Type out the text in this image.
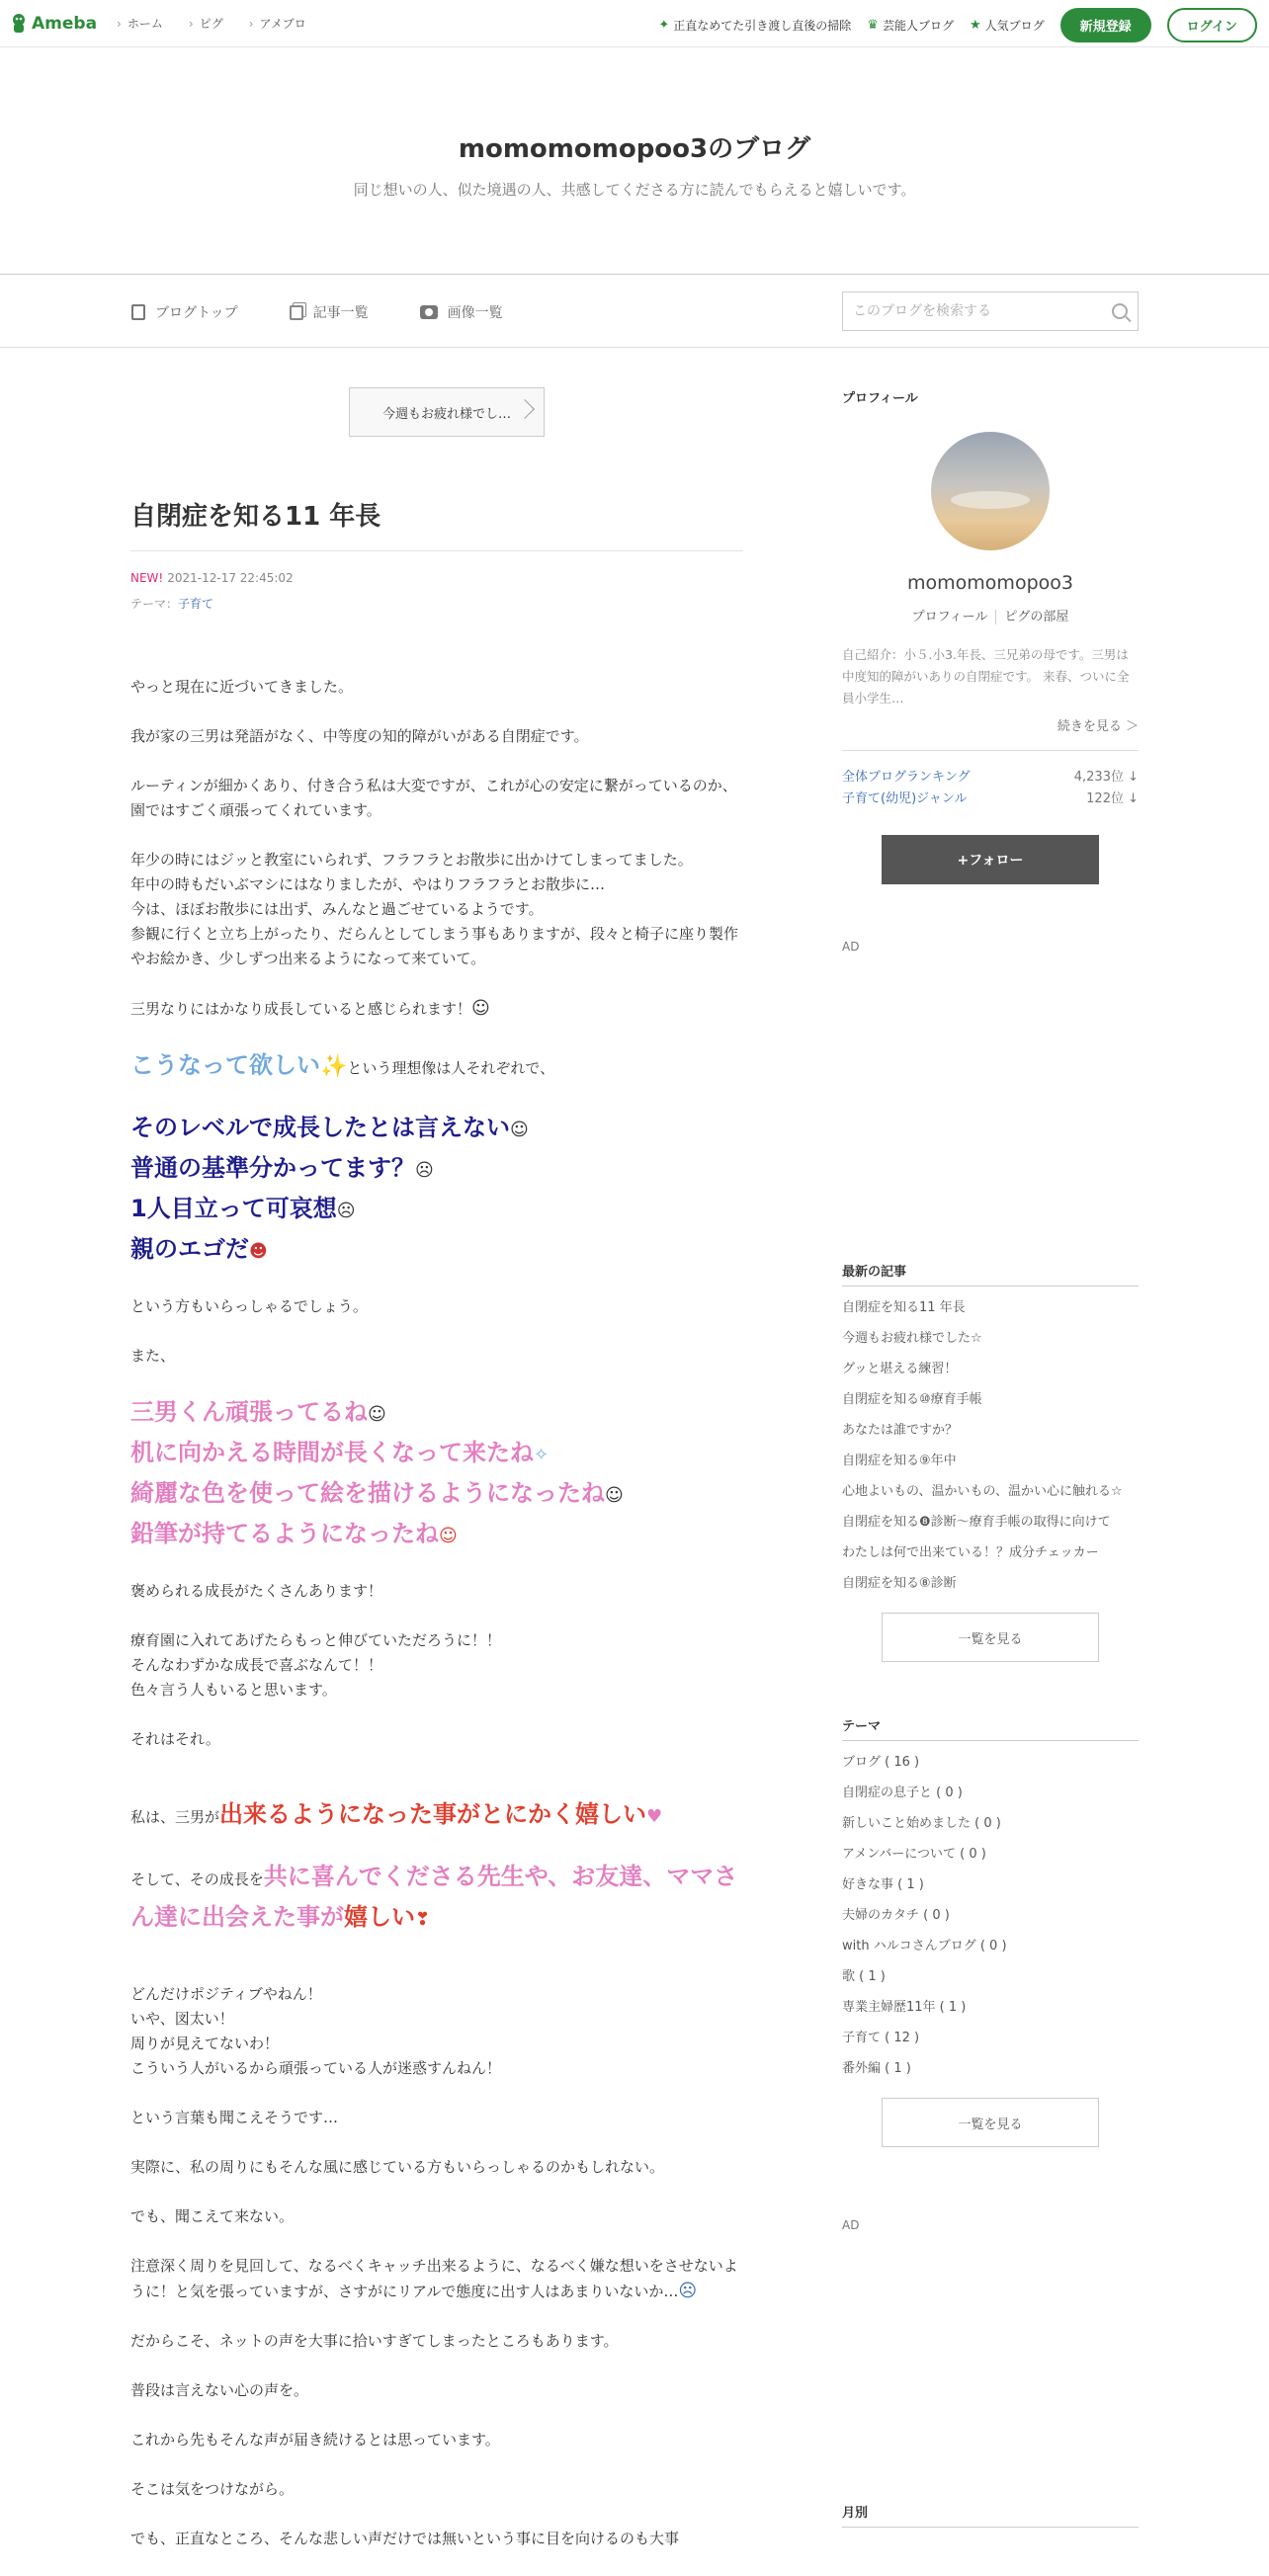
Ameba	› ホーム	› ピグ	› アメブロ	✦ 正直なめてた引き渡し直後の掃除 ♛ 芸能人ブログ ★ 人気ブログ	新規登録	ログイン
momomomopoo3のブログ
同じ想いの人、似た境遇の人、共感してくださる方に読んでもらえると嬉しいです。
ブログトップ	記事一覧	画像一覧
このブログを検索する
今週もお疲れ様でし…
自閉症を知る11 年長
NEW! 2021-12-17 22:45:02
テーマ：子育て

やっと現在に近づいてきました。

我が家の三男は発語がなく、中等度の知的障がいがある自閉症です。

ルーティンが細かくあり、付き合う私は大変ですが、これが心の安定に繋がっているのか、園ではすごく頑張ってくれています。

年少の時にはジッと教室にいられず、フラフラとお散歩に出かけてしまってました。
年中の時もだいぶマシにはなりましたが、やはりフラフラとお散歩に…
今は、ほぼお散歩には出ず、みんなと過ごせているようです。
参観に行くと立ち上がったり、だらんとしてしまう事もありますが、段々と椅子に座り製作やお絵かき、少しずつ出来るようになって来ていて。

三男なりにはかなり成長していると感じられます！☺

こうなって欲しい✨という理想像は人それぞれで、

そのレベルで成長したとは言えない☺
普通の基準分かってます？☹
1人目立って可哀想☹
親のエゴだ☻

という方もいらっしゃるでしょう。

また、

三男くん頑張ってるね☺
机に向かえる時間が長くなって来たね✧
綺麗な色を使って絵を描けるようになったね☺
鉛筆が持てるようになったね☺

褒められる成長がたくさんあります！

療育園に入れてあげたらもっと伸びていただろうに！！
そんなわずかな成長で喜ぶなんて！！
色々言う人もいると思います。

それはそれ。

私は、三男が出来るようになった事がとにかく嬉しい♥

そして、その成長を共に喜んでくださる先生や、お友達、ママさん達に出会えた事が嬉しい❣

どんだけポジティブやねん！
いや、図太い！
周りが見えてないわ！
こういう人がいるから頑張っている人が迷惑すんねん！

という言葉も聞こえそうです…

実際に、私の周りにもそんな風に感じている方もいらっしゃるのかもしれない。

でも、聞こえて来ない。

注意深く周りを見回して、なるべくキャッチ出来るように、なるべく嫌な想いをさせないように！と気を張っていますが、さすがにリアルで態度に出す人はあまりいないか…☹

だからこそ、ネットの声を大事に拾いすぎてしまったところもあります。

普段は言えない心の声を。

これから先もそんな声が届き続けるとは思っています。

そこは気をつけながら。

でも、正直なところ、そんな悲しい声だけでは無いという事に目を向けるのも大事

プロフィール
momomomopoo3
プロフィール ピグの部屋
自己紹介：小５.小3.年長、三兄弟の母です。三男は中度知的障がいありの自閉症です。 来春、ついに全員小学生…
続きを見る ＞
全体ブログランキング	4,233位 ↓
子育て(幼児)ジャンル	122位 ↓
+フォロー
AD
最新の記事
自閉症を知る11 年長
今週もお疲れ様でした☆
グッと堪える練習！
自閉症を知る⑩療育手帳
あなたは誰ですか？
自閉症を知る⑨年中
心地よいもの、温かいもの、温かい心に触れる☆
自閉症を知る❽診断〜療育手帳の取得に向けて
わたしは何で出来ている！？成分チェッカー
自閉症を知る⑧診断
一覧を見る
テーマ
ブログ ( 16 )
自閉症の息子と ( 0 )
新しいこと始めました ( 0 )
アメンバーについて ( 0 )
好きな事 ( 1 )
夫婦のカタチ ( 0 )
with ハルコさんブログ ( 0 )
歌 ( 1 )
専業主婦歴11年 ( 1 )
子育て ( 12 )
番外編 ( 1 )
一覧を見る
AD
月別
